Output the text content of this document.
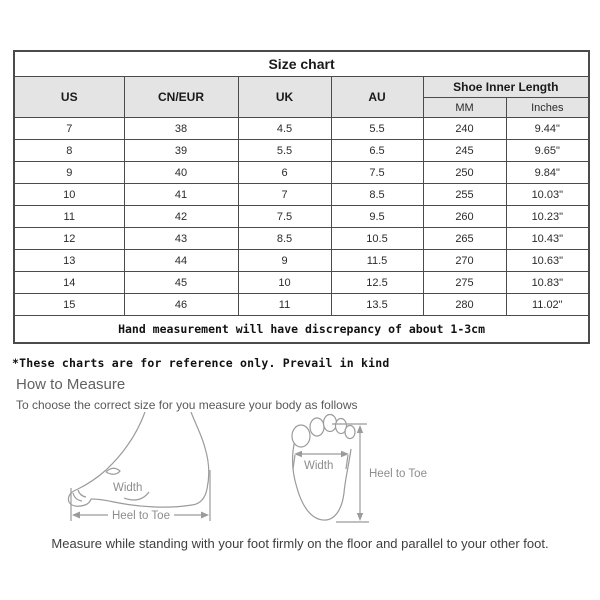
Size chart					
US	CN/EUR	UK	AU	Shoe Inner Length	
				MM	Inches
7	38	4.5	5.5	240	9.44"
8	39	5.5	6.5	245	9.65"
9	40	6	7.5	250	9.84"
10	41	7	8.5	255	10.03"
11	42	7.5	9.5	260	10.23"
12	43	8.5	10.5	265	10.43"
13	44	9	11.5	270	10.63"
14	45	10	12.5	275	10.83"
15	46	11	13.5	280	11.02"
Hand measurement will have discrepancy of about 1-3cm					
*These charts are for reference only. Prevail in kind
How to Measure
To choose the correct size for you measure your body as follows
Width
Heel to Toe
Width
Heel to Toe
Measure while standing with your foot firmly on the floor and parallel to your other foot.
